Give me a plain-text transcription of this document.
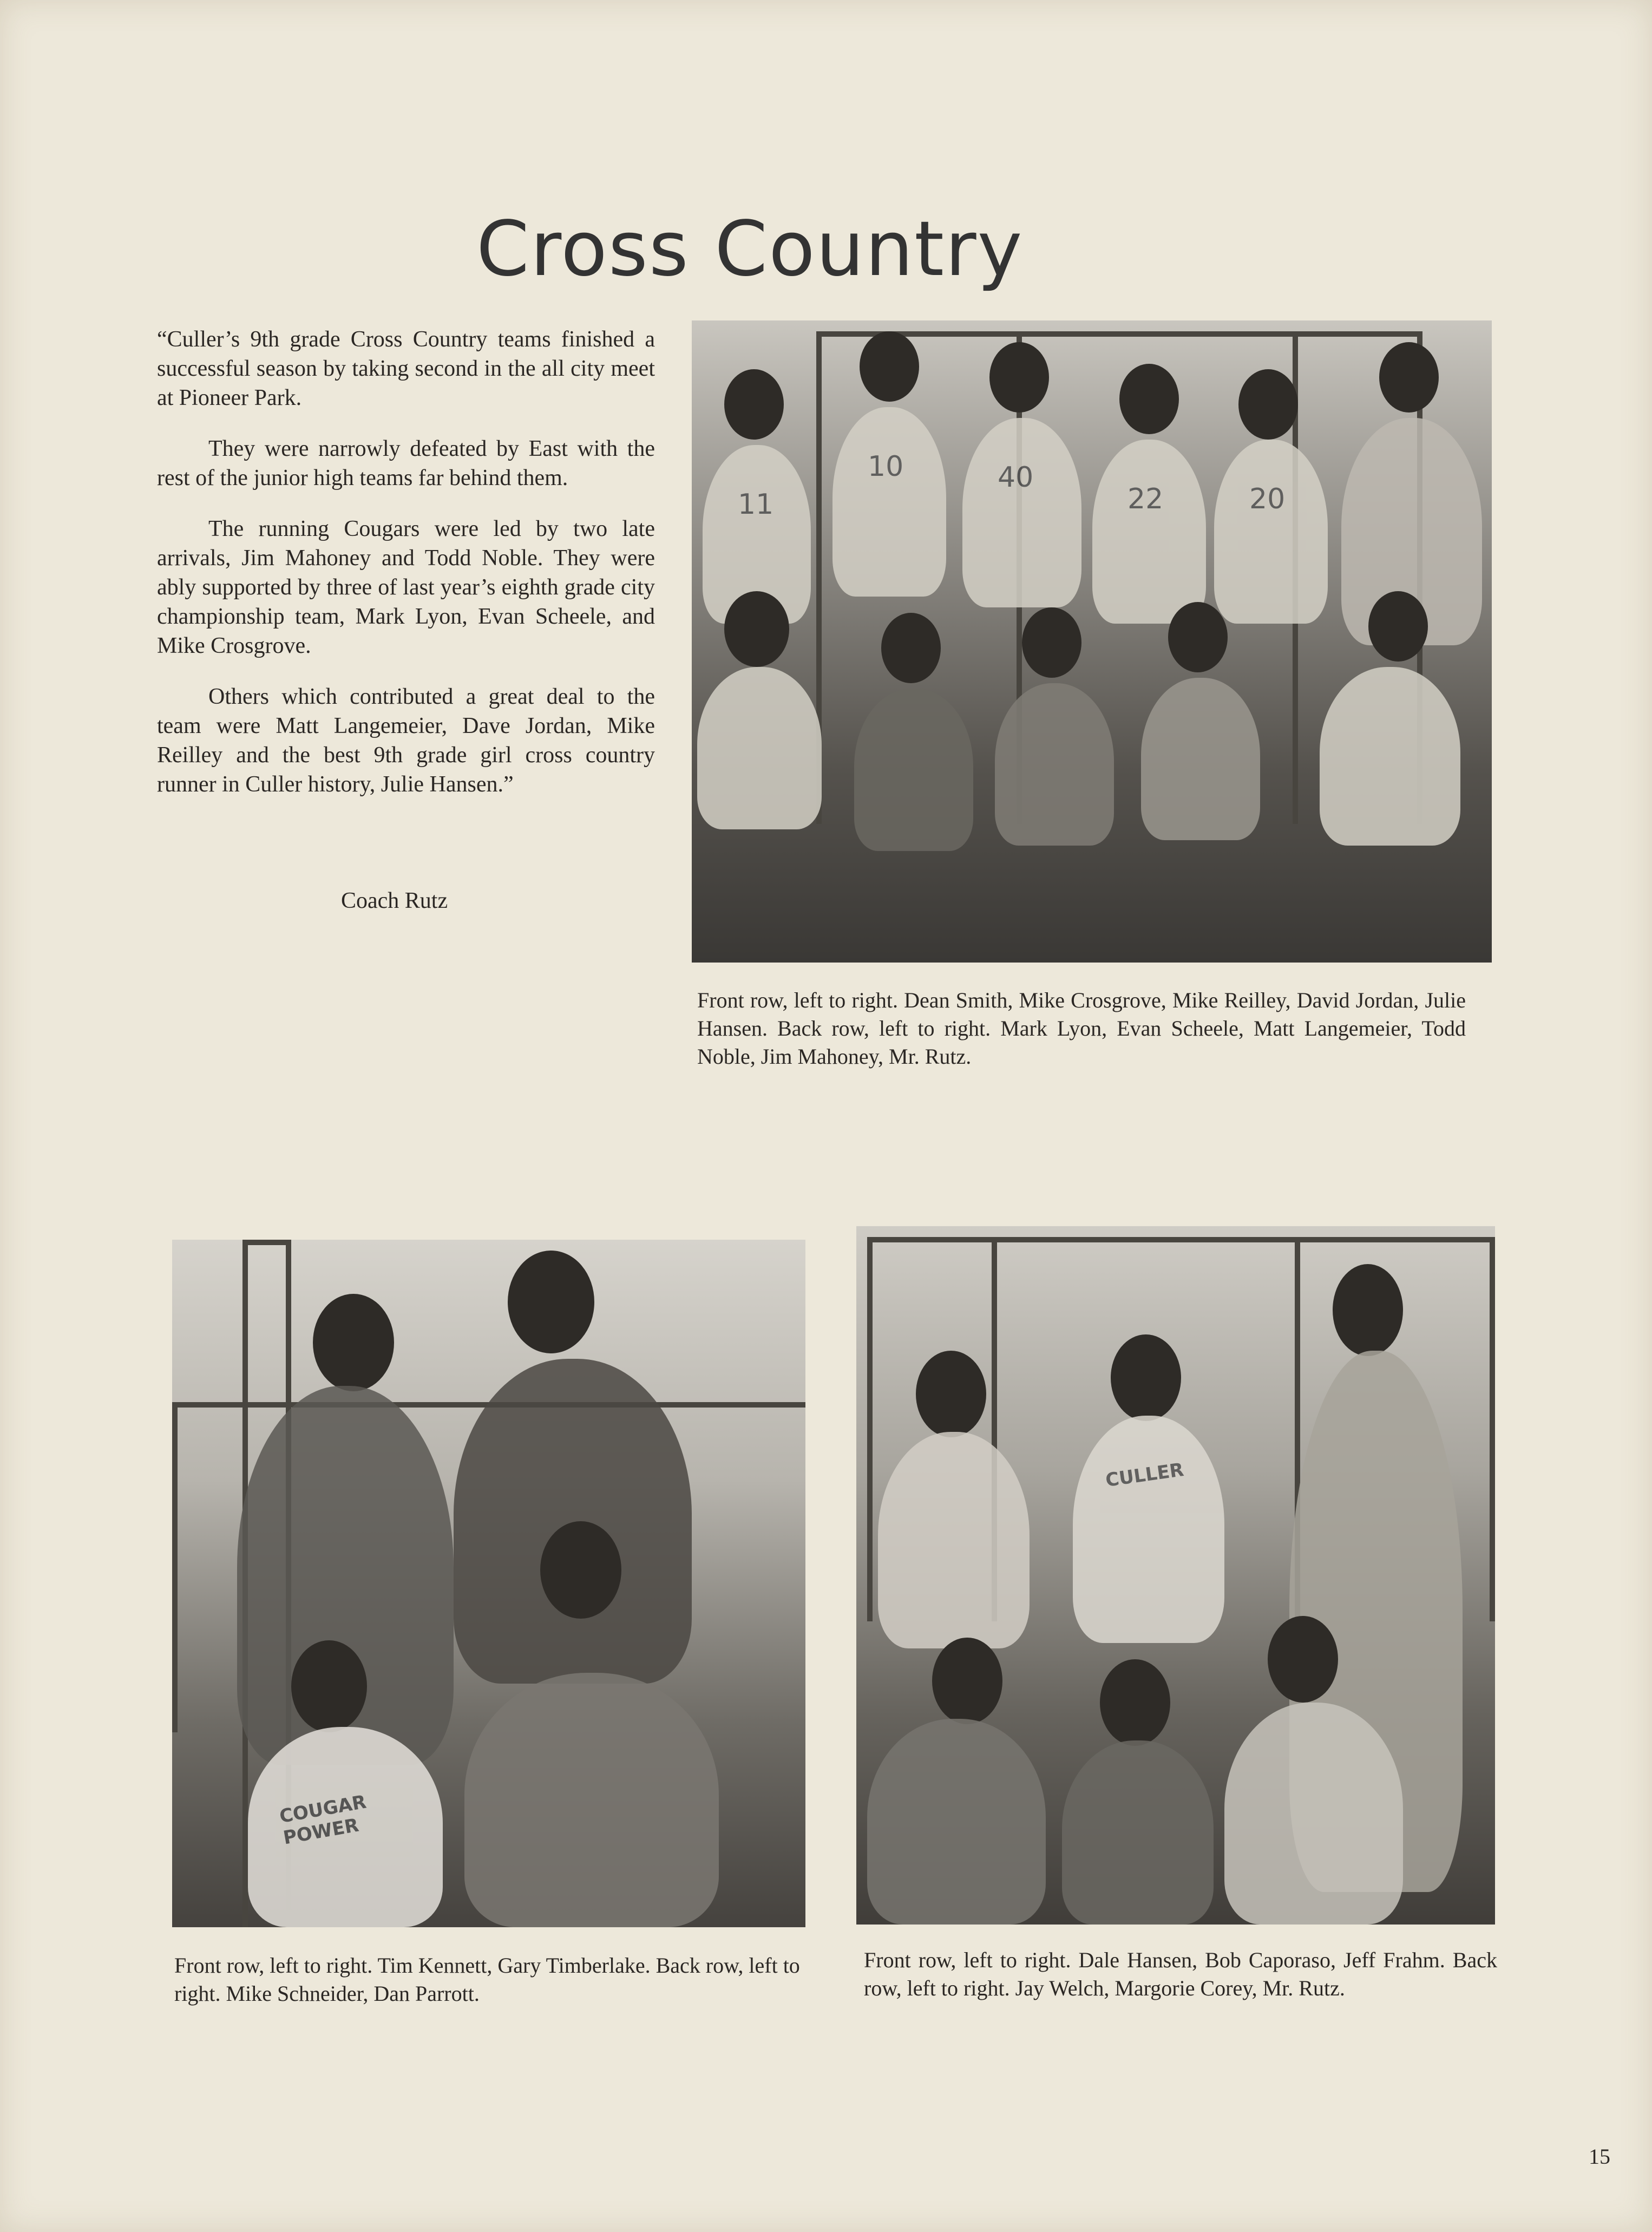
Cross Country

“Culler’s 9th grade Cross Country teams finished a successful season by taking second in the all city meet at Pioneer Park.

They were narrowly defeated by East with the rest of the junior high teams far behind them.

The running Cougars were led by two late arrivals, Jim Mahoney and Todd Noble. They were ably supported by three of last year’s eighth grade city championship team, Mark Lyon, Evan Scheele, and Mike Crosgrove.

Others which contributed a great deal to the team were Matt Langemeier, Dave Jordan, Mike Reilley and the best 9th grade girl cross country runner in Culler history, Julie Hansen.”

Coach Rutz
11
10	40
22	20
Front row, left to right. Dean Smith, Mike Crosgrove, Mike Reilley, David Jordan, Julie Hansen. Back row, left to right. Mark Lyon, Evan Scheele, Matt Langemeier, Todd Noble, Jim Mahoney, Mr. Rutz.
COUGAR POWER
Front row, left to right. Tim Kennett, Gary Timberlake. Back row, left to right. Mike Schneider, Dan Parrott.
CULLER
Front row, left to right. Dale Hansen, Bob Caporaso, Jeff Frahm. Back row, left to right. Jay Welch, Margorie Corey, Mr. Rutz.
15
